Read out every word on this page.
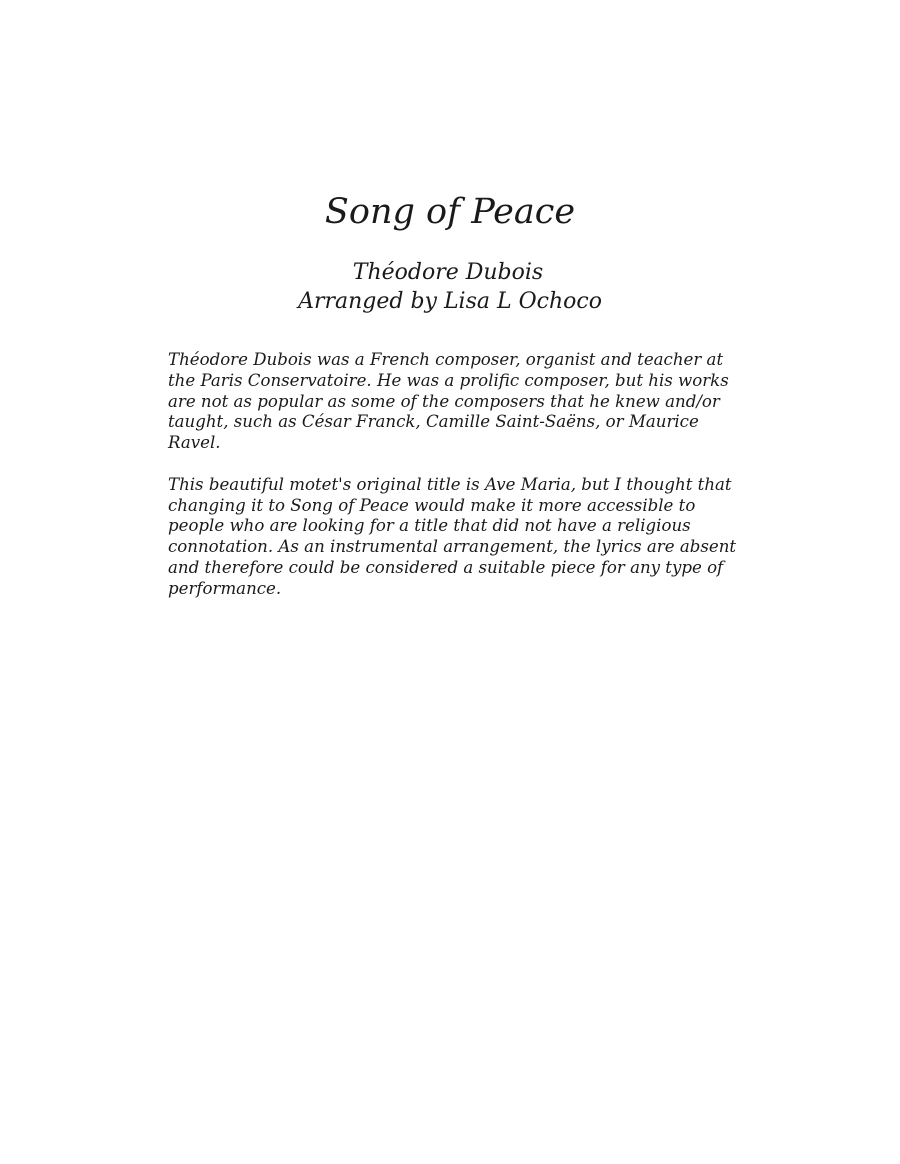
Song of Peace
Théodore Dubois
Arranged by Lisa L Ochoco

Théodore Dubois was a French composer, organist and teacher at the Paris Conservatoire. He was a prolific composer, but his works are not as popular as some of the composers that he knew and/or taught, such as César Franck, Camille Saint-Saëns, or Maurice Ravel.

This beautiful motet's original title is Ave Maria, but I thought that changing it to Song of Peace would make it more accessible to people who are looking for a title that did not have a religious connotation. As an instrumental arrangement, the lyrics are absent and therefore could be considered a suitable piece for any type of performance.
